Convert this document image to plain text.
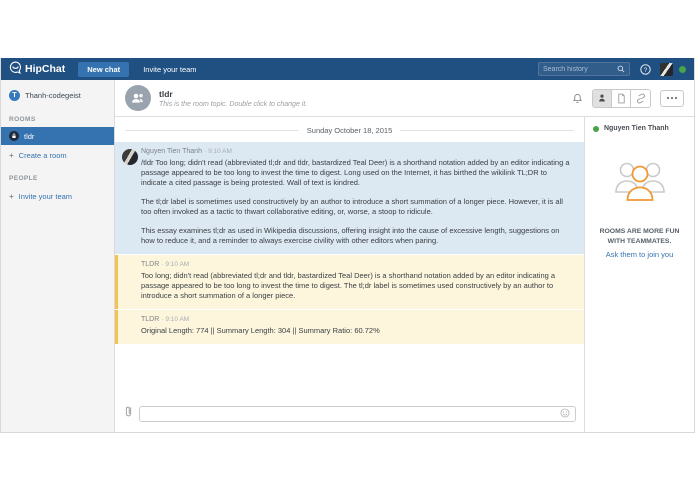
HipChat	New chat	Invite your team
Search history	?
T	Thanh-codegeist
ROOMS
tldr
+ Create a room
PEOPLE
+ Invite your team
tldr
This is the room topic. Double click to change it.
Sunday October 18, 2015
Nguyen Tien Thanh · 9:10 AM

/tldr Too long; didn't read (abbreviated tl;dr and tldr, bastardized Teal Deer) is a shorthand notation added by an editor indicating a passage appeared to be too long to invest the time to digest. Long used on the Internet, it has birthed the wikilink TL;DR to indicate a cited passage is being protested. Wall of text is kindred.

The tl;dr label is sometimes used constructively by an author to introduce a short summation of a longer piece. However, it is all too often invoked as a tactic to thwart collaborative editing, or, worse, a stoop to ridicule.

This essay examines tl;dr as used in Wikipedia discussions, offering insight into the cause of excessive length, suggestions on how to reduce it, and a reminder to always exercise civility with other editors when paring.

TLDR · 9:10 AM

Too long; didn't read (abbreviated tl;dr and tldr, bastardized Teal Deer) is a shorthand notation added by an editor indicating a passage appeared to be too long to invest the time to digest. The tl;dr label is sometimes used constructively by an author to introduce a short summation of a longer piece.

TLDR · 9:10 AM

Original Length: 774 || Summary Length: 304 || Summary Ratio: 60.72%

Nguyen Tien Thanh
ROOMS ARE MORE FUN WITH TEAMMATES.
Ask them to join you
